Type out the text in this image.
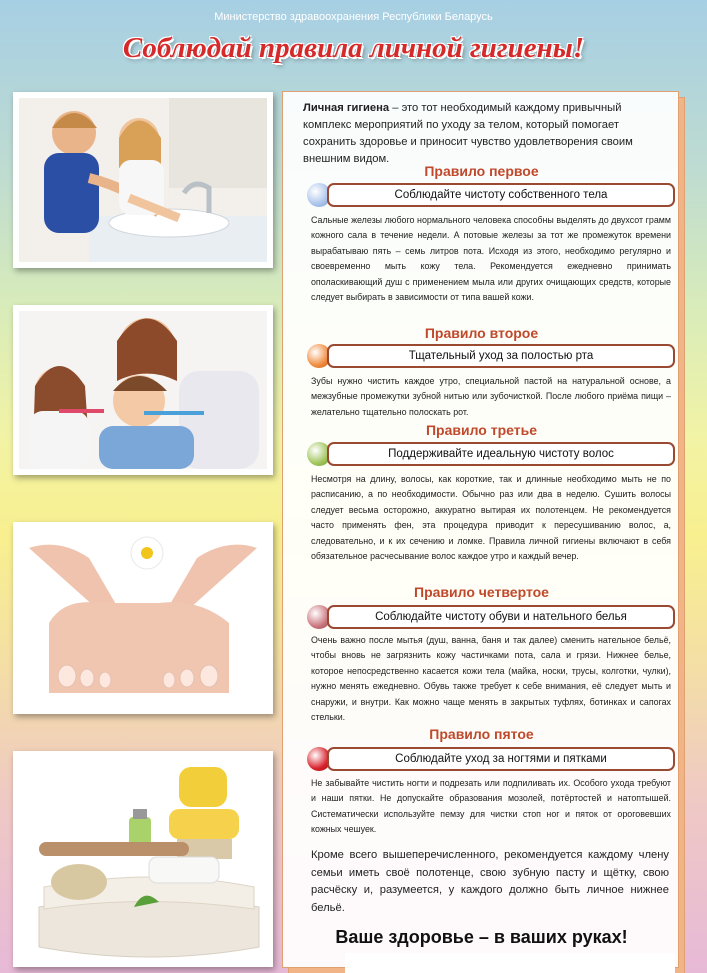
Министерство здравоохранения Республики Беларусь
Соблюдай правила личной гигиены!
Личная гигиена – это тот необходимый каждому привычный комплекс мероприятий по уходу за телом, который помогает сохранить здоровье и приносит чувство удовлетворения своим внешним видом.
Правило первое
Соблюдайте чистоту собственного тела
Сальные железы любого нормального человека способны выделять до двухсот грамм кожного сала в течение недели. А потовые железы за тот же промежуток времени вырабатываю пять – семь литров пота. Исходя из этого, необходимо регулярно и своевременно мыть кожу тела. Рекомендуется ежедневно принимать ополаскивающий душ с применением мыла или других очищающих средств, которые следует выбирать в зависимости от типа вашей кожи.
Правило второе
Тщательный уход за полостью рта
Зубы нужно чистить каждое утро, специальной пастой на натуральной основе, а межзубные промежутки зубной нитью или зубочисткой. После любого приёма пищи – желательно тщательно полоскать рот.
Правило третье
Поддерживайте идеальную чистоту волос
Несмотря на длину, волосы, как короткие, так и длинные необходимо мыть не по расписанию, а по необходимости. Обычно раз или два в неделю. Сушить волосы следует весьма осторожно, аккуратно вытирая их полотенцем. Не рекомендуется часто применять фен, эта процедура приводит к пересушиванию волос, а, следовательно, и к их сечению и ломке. Правила личной гигиены включают в себя обязательное расчесывание волос каждое утро и каждый вечер.
Правило четвертое
Соблюдайте чистоту обуви и нательного белья
Очень важно после мытья (душ, ванна, баня и так далее) сменить нательное бельё, чтобы вновь не загрязнить кожу частичками пота, сала и грязи. Нижнее белье, которое непосредственно касается кожи тела (майка, носки, трусы, колготки, чулки), нужно менять ежедневно. Обувь также требует к себе внимания, её следует мыть и снаружи, и внутри. Как можно чаще менять в закрытых туфлях, ботинках и сапогах стельки.
Правило пятое
Соблюдайте уход за ногтями и пятками
Не забывайте чистить ногти и подрезать или подпиливать их. Особого ухода требуют и наши пятки. Не допускайте образования мозолей, потёртостей и натоптышей. Систематически используйте пемзу для чистки стоп ног и пяток от ороговевших кожных чешуек.
Кроме всего вышеперечисленного, рекомендуется каждому члену семьи иметь своё полотенце, свою зубную пасту и щётку, свою расчёску и, разумеется, у каждого должно быть личное нижнее бельё.
Ваше здоровье – в ваших руках!
